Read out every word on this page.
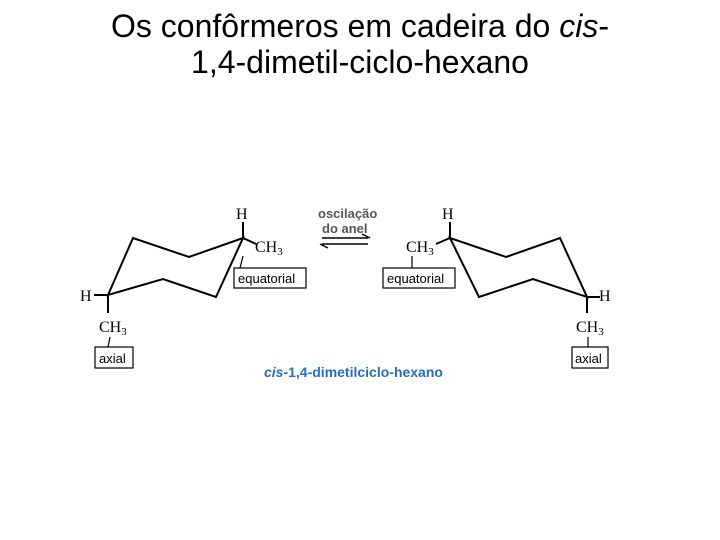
Os confôrmeros em cadeira do cis-
1,4-dimetil-ciclo-hexano
H
CH3
equatorial
H
CH3
axial
oscilação
do anel
H
CH3
equatorial
H
CH3
axial
cis-1,4-dimetilciclo-hexano
